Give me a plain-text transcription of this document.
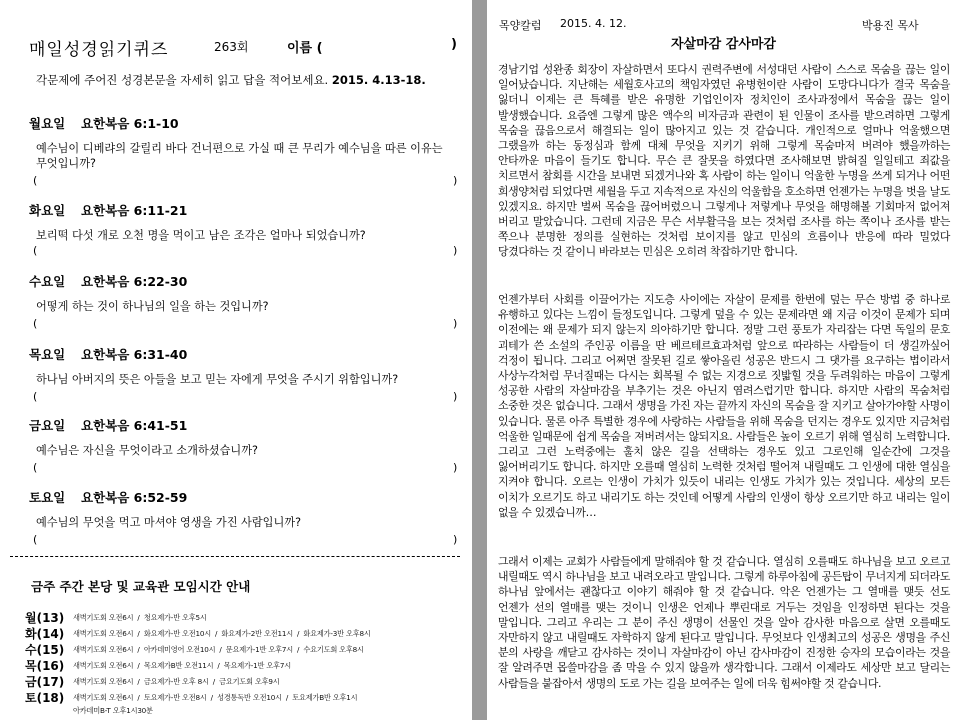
매일성경읽기퀴즈	263회	이름 (	)
각문제에 주어진 성경본문을 자세히 읽고 답을 적어보세요. 2015. 4.13-18.
월요일 요한복음 6:1-10
예수님이 디베랴의 갈릴리 바다 건너편으로 가실 때 큰 무리가 예수님을 따른 이유는 무엇입니까?
(	)
화요일 요한복음 6:11-21
보리떡 다섯 개로 오천 명을 먹이고 남은 조각은 얼마나 되었습니까?
(	)
수요일 요한복음 6:22-30
어떻게 하는 것이 하나님의 일을 하는 것입니까?
(	)
목요일 요한복음 6:31-40
하나님 아버지의 뜻은 아들을 보고 믿는 자에게 무엇을 주시기 위함입니까?
(	)
금요일 요한복음 6:41-51
예수님은 자신을 무엇이라고 소개하셨습니까?
(	)
토요일 요한복음 6:52-59
예수님의 무엇을 먹고 마셔야 영생을 가진 사람입니까?
(	)
금주 주간 본당 및 교육관 모임시간 안내
월(13) 새벽기도회 오전6시 / 청요제가-반 오후5시
화(14) 새벽기도회 오전6시 / 화요제가-반 오전10시 / 화요제가-2반 오전11시 / 화요제가-3반 오후8시
수(15) 새벽기도회 오전6시 / 아카데미영어 오전10시 / 문요제가-1반 오후7시 / 수요기도회 오후8시
목(16) 새벽기도회 오전6시 / 목요제가B반 오전11시 / 목요제가-1반 오후7시
금(17) 새벽기도회 오전6시 / 금요제가-반 오후 8시 / 금요기도회 오후9시
토(18) 새벽기도회 오전6시 / 토요제가-반 오전8시 / 성경통독반 오전10시 / 토요제가B반 오후1시
아카데미B-T 오후1시30분
목양칼럼 2015. 4. 12.	박용진 목사
자살마감 감사마감
경남기업 성완종 회장이 자살하면서 또다시 권력주변에 서성대던 사람이 스스로 목숨을 끊는 일이 일어났습니다. 지난해는 세월호사고의 책임자였던 유병헌이란 사람이 도망다니다가 결국 목숨을 잃더니 이제는 큰 특혜를 받은 유명한 기업인이자 정치인이 조사과정에서 목숨을 끊는 일이 발생했습니다. 요즘엔 그렇게 많은 액수의 비자금과 관련이 된 인물이 조사를 받으려하면 그렇게 목숨을 끊음으로서 해결되는 일이 많아지고 있는 것 같습니다. 개인적으로 얼마나 억울했으면 그랬을까 하는 동정심과 함께 대체 무엇을 지키기 위해 그렇게 목숨마저 버려야 했을까하는 안타까운 마음이 들기도 합니다. 무슨 큰 잘못을 하였다면 조사해보면 밝혀질 일일테고 죄값을 치르면서 참회를 시간을 보내면 되겠거나와 혹 사람이 하는 일이니 억울한 누명을 쓰게 되거나 어떤 희생양처럼 되었다면 세월을 두고 지속적으로 자신의 억울함을 호소하면 언젠가는 누명을 벗을 날도 있겠지요. 하지만 벌써 목숨을 끊어버렸으니 그렇게나 저렇게나 무엇을 해명해볼 기회마저 없어져 버리고 말았습니다. 그런데 지금은 무슨 서부활극을 보는 것처럼 조사를 하는 쪽이나 조사를 받는 쪽으나 분명한 정의를 실현하는 것처럼 보이지를 않고 민심의 흐름이나 반응에 따라 밀었다 당겼다하는 것 같이니 바라보는 민심은 오히려 착잡하기만 합니다.
언젠가부터 사회를 이끌어가는 지도층 사이에는 자살이 문제를 한번에 덮는 무슨 방법 중 하나로 유행하고 있다는 느낌이 들정도입니다. 그렇게 덮을 수 있는 문제라면 왜 지금 이것이 문제가 되며 이전에는 왜 문제가 되지 않는지 의아하기만 합니다. 정말 그런 풍토가 자리잡는 다면 독일의 문호 괴테가 쓴 소설의 주인공 이름을 딴 베르테르효과처럼 앞으로 따라하는 사람들이 더 생길까싶어 걱정이 됩니다. 그리고 어쩌면 잘못된 길로 쌓아올린 성공은 반드시 그 댓가를 요구하는 법이라서 사상누각처럼 무너질때는 다시는 회복될 수 없는 지경으로 짓밟힐 것을 두려워하는 마음이 그렇게 성공한 사람의 자살마감을 부추기는 것은 아닌지 염려스럽기만 합니다. 하지만 사람의 목숨처럼 소중한 것은 없습니다. 그래서 생명을 가진 자는 끝까지 자신의 목숨을 잘 지키고 살아가야할 사명이 있습니다. 물론 아주 특별한 경우에 사랑하는 사람들을 위해 목숨을 던지는 경우도 있지만 지금처럼 억울한 일때문에 쉽게 목숨을 져버려서는 않되지요. 사람들은 높이 오르기 위해 열심히 노력합니다. 그리고 그런 노력중에는 훌치 않은 길을 선택하는 경우도 있고 그로인해 일순간에 그것을 잃어버리기도 합니다. 하지만 오를때 열심히 노력한 것처럼 떨어져 내릴때도 그 인생에 대한 열심을 지켜야 합니다. 오르는 인생이 가치가 있듯이 내리는 인생도 가치가 있는 것입니다. 세상의 모든 이치가 오르기도 하고 내리기도 하는 것인데 어떻게 사람의 인생이 항상 오르기만 하고 내리는 일이 없을 수 있겠습니까…
그래서 이제는 교회가 사람들에게 말해줘야 할 것 같습니다. 열심히 오를때도 하나님을 보고 오르고 내릴때도 역시 하나님을 보고 내려오라고 말입니다. 그렇게 하루아침에 공든탑이 무너지게 되더라도 하나님 앞에서는 괜찮다고 이야기 해줘야 할 것 같습니다. 악은 언젠가는 그 열매를 맺듯 선도 언젠가 선의 열매를 맺는 것이니 인생은 언제나 뿌린대로 거두는 것임을 인정하면 된다는 것을 말입니다. 그리고 우리는 그 분이 주신 생명이 선물인 것을 알아 감사한 마음으로 살면 오를때도 자만하지 않고 내릴때도 자학하지 않게 된다고 말입니다. 무엇보다 인생최고의 성공은 생명을 주신 분의 사랑을 깨닫고 감사하는 것이니 자살마감이 아닌 감사마감이 진정한 승자의 모습이라는 것을 잘 알려주면 몹쓸마감을 좀 막을 수 있지 않을까 생각합니다. 그래서 이제라도 세상만 보고 달리는 사람들을 붙잡아서 생명의 도로 가는 길을 보여주는 일에 더욱 힘써야할 것 같습니다.
